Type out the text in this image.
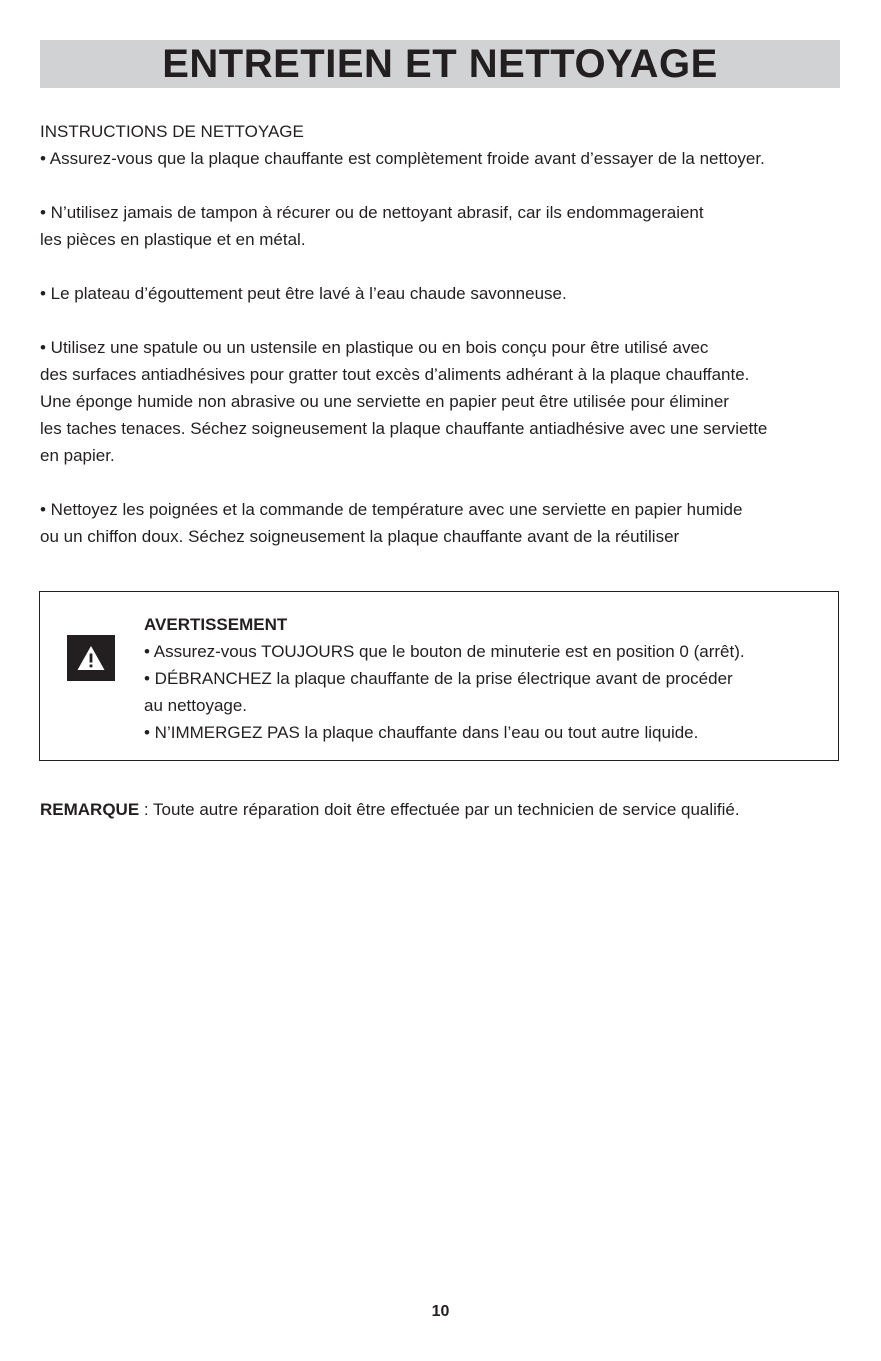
ENTRETIEN ET NETTOYAGE

INSTRUCTIONS DE NETTOYAGE

• Assurez-vous que la plaque chauffante est complètement froide avant d’essayer de la nettoyer.

• N’utilisez jamais de tampon à récurer ou de nettoyant abrasif, car ils endommageraient
les pièces en plastique et en métal.

• Le plateau d’égouttement peut être lavé à l’eau chaude savonneuse.

• Utilisez une spatule ou un ustensile en plastique ou en bois conçu pour être utilisé avec
des surfaces antiadhésives pour gratter tout excès d’aliments adhérant à la plaque chauffante.
Une éponge humide non abrasive ou une serviette en papier peut être utilisée pour éliminer
les taches tenaces. Séchez soigneusement la plaque chauffante antiadhésive avec une serviette
en papier.

• Nettoyez les poignées et la commande de température avec une serviette en papier humide
ou un chiffon doux. Séchez soigneusement la plaque chauffante avant de la réutiliser

AVERTISSEMENT
• Assurez-vous TOUJOURS que le bouton de minuterie est en position 0 (arrêt).
• DÉBRANCHEZ la plaque chauffante de la prise électrique avant de procéder
au nettoyage.
• N’IMMERGEZ PAS la plaque chauffante dans l’eau ou tout autre liquide.
REMARQUE : Toute autre réparation doit être effectuée par un technicien de service qualifié.
10
